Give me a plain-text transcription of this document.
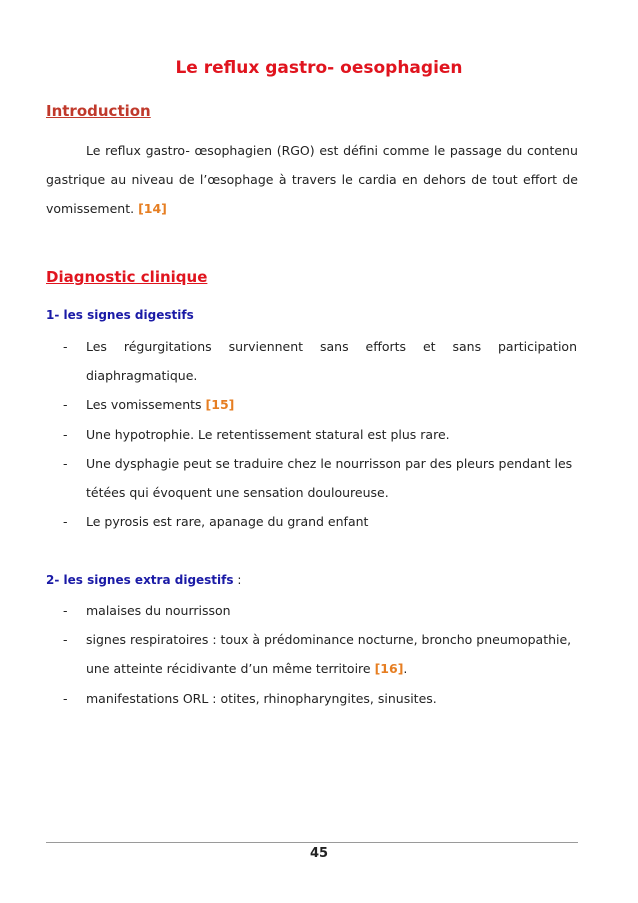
Le reflux gastro- oesophagien
Introduction
Le reflux gastro- œsophagien (RGO) est défini comme le passage du contenu
gastrique au niveau de l’œsophage à travers le cardia en dehors de tout effort de
vomissement. [14]
Diagnostic clinique
1- les signes digestifs
- Les régurgitations surviennent sans efforts et sans participation
diaphragmatique.
- Les vomissements [15]
- Une hypotrophie. Le retentissement statural est plus rare.
- Une dysphagie peut se traduire chez le nourrisson par des pleurs pendant les
tétées qui évoquent une sensation douloureuse.
- Le pyrosis est rare, apanage du grand enfant
2- les signes extra digestifs :
- malaises du nourrisson
- signes respiratoires : toux à prédominance nocturne, broncho pneumopathie,
une atteinte récidivante d’un même territoire [16].
- manifestations ORL : otites, rhinopharyngites, sinusites.
45
